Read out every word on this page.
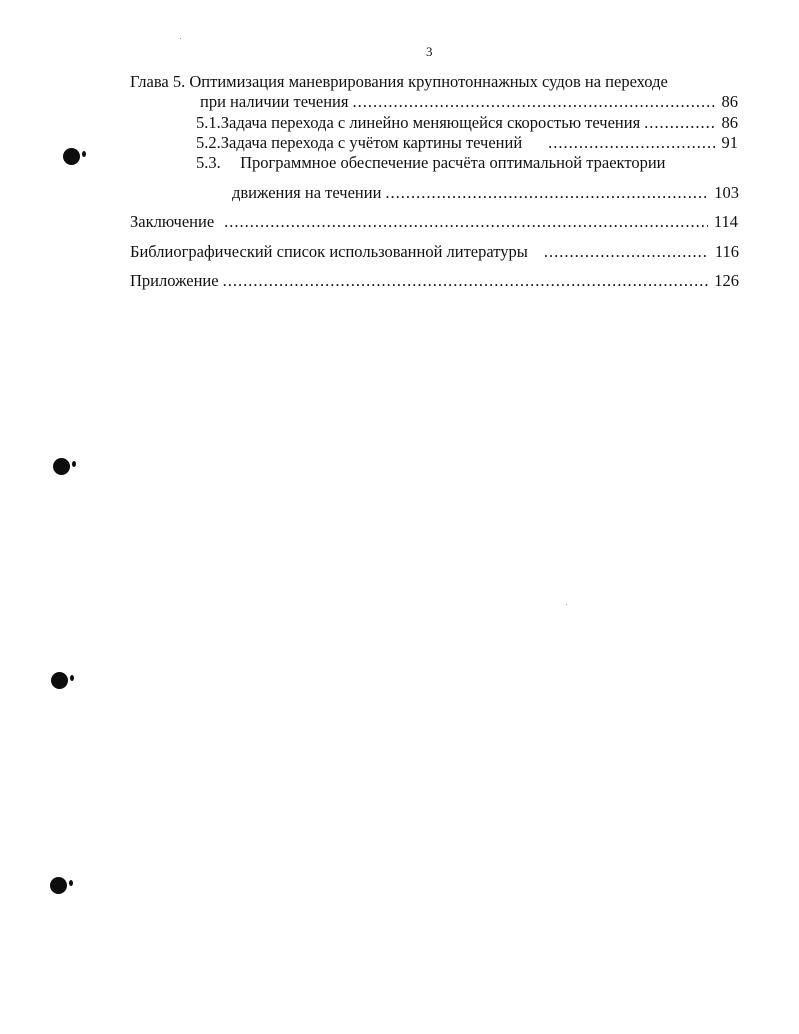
3
Глава 5. Оптимизация маневрирования крупнотоннажных судов на переходе
при наличии течения .....	86
5.1. Задача перехода с линейно меняющейся скоростью течения .....	86
5.2. Задача перехода с учётом картины течений .....	91
5.3. Программное обеспечение расчёта оптимальной траектории
движения на течении .....	103
Заключение .....	114
Библиографический список использованной литературы .....	116
Приложение .....	126
